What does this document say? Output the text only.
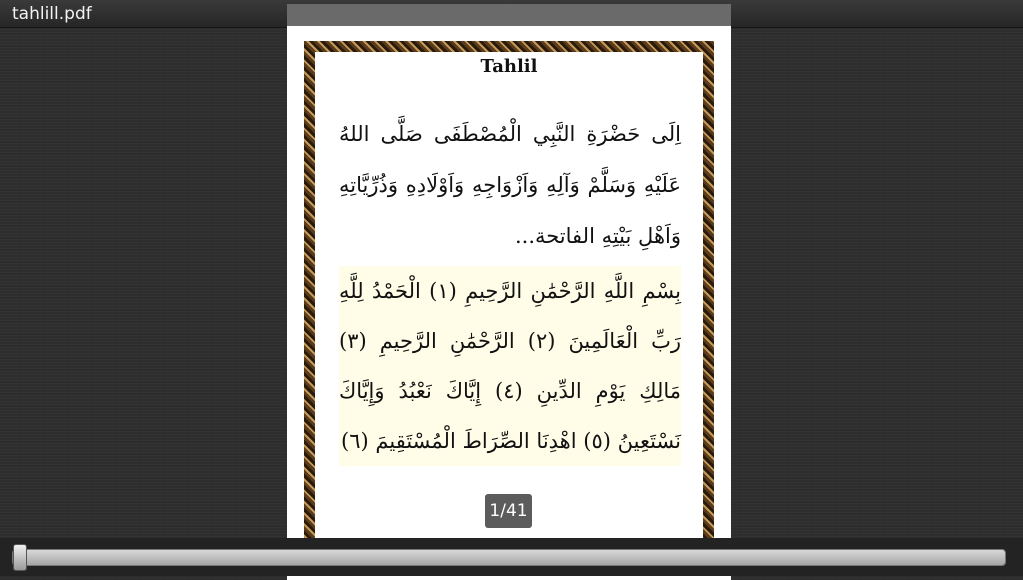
tahlill.pdf
Tahlil
اِلَى حَضْرَةِ النَّبِي الْمُصْطَفَى صَلَّى اللهُ عَلَيْهِ وَسَلَّمْ وَآلِهِ وَاَزْوَاجِهِ وَاَوْلَادِهِ وَذُرِّيَّاتِهِ وَاَهْلِ بَيْتِهِ الفاتحة...
بِسْمِ اللَّهِ الرَّحْمَٰنِ الرَّحِيمِ (١) الْحَمْدُ لِلَّهِ رَبِّ الْعَالَمِينَ (٢) الرَّحْمَٰنِ الرَّحِيمِ (٣) مَالِكِ يَوْمِ الدِّينِ (٤) إِيَّاكَ نَعْبُدُ وَإِيَّاكَ نَسْتَعِينُ (٥) اهْدِنَا الصِّرَاطَ الْمُسْتَقِيمَ (٦)
1/41
